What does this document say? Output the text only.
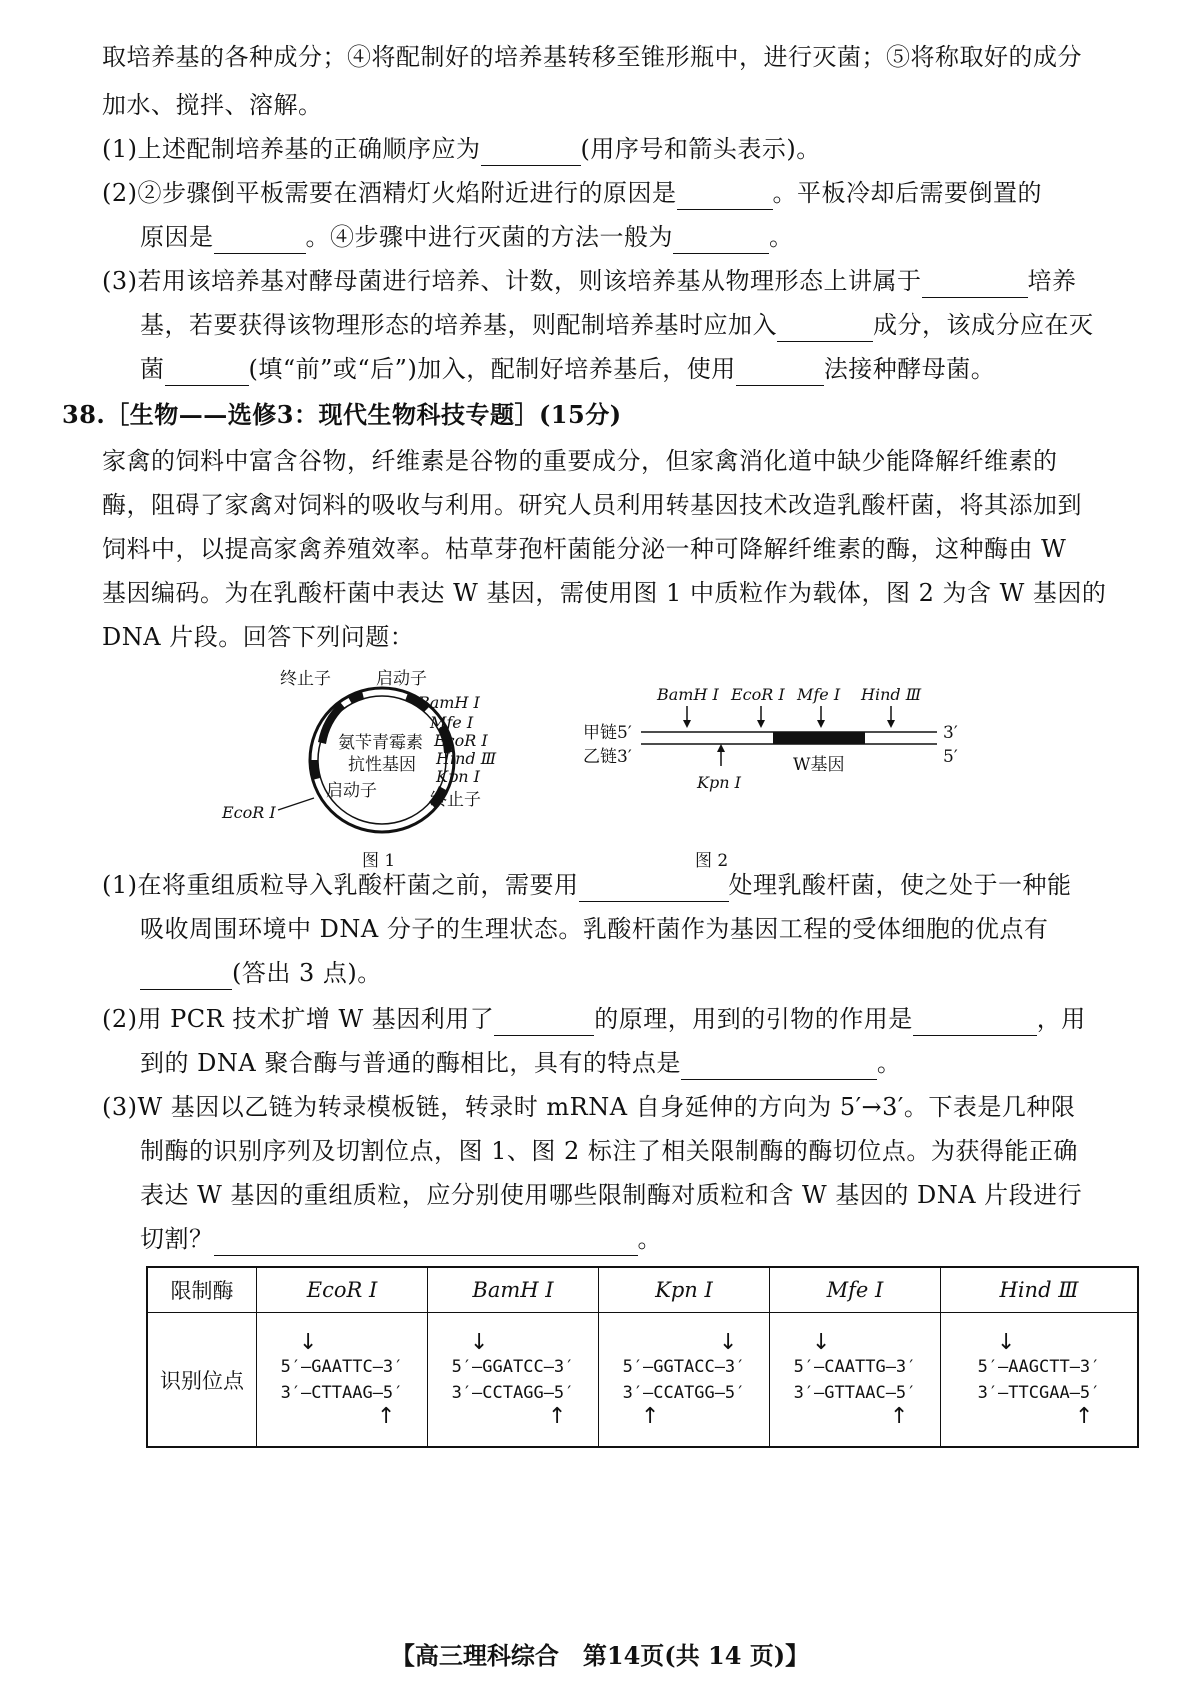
取培养基的各种成分；④将配制好的培养基转移至锥形瓶中，进行灭菌；⑤将称取好的成分
加水、搅拌、溶解。
(1)上述配制培养基的正确顺序应为	(用序号和箭头表示)。
(2)②步骤倒平板需要在酒精灯火焰附近进行的原因是	。平板冷却后需要倒置的
原因是	。④步骤中进行灭菌的方法一般为	。
(3)若用该培养基对酵母菌进行培养、计数，则该培养基从物理形态上讲属于	培养
基，若要获得该物理形态的培养基，则配制培养基时应加入	成分，该成分应在灭
菌	(填“前”或“后”)加入，配制好培养基后，使用	法接种酵母菌。
38.［生物——选修3：现代生物科技专题］(15分)
家禽的饲料中富含谷物，纤维素是谷物的重要成分，但家禽消化道中缺少能降解纤维素的
酶，阻碍了家禽对饲料的吸收与利用。研究人员利用转基因技术改造乳酸杆菌，将其添加到
饲料中，以提高家禽养殖效率。枯草芽孢杆菌能分泌一种可降解纤维素的酶，这种酶由 W
基因编码。为在乳酸杆菌中表达 W 基因，需使用图 1 中质粒作为载体，图 2 为含 W 基因的
DNA 片段。回答下列问题：
终止子	启动子
BamH Ⅰ
Mfe Ⅰ
EcoR Ⅰ
Hind Ⅲ
Kpn Ⅰ
终止子
氨苄青霉素
抗性基因
启动子
EcoR Ⅰ
图 1
BamH Ⅰ EcoR Ⅰ Mfe Ⅰ Hind Ⅲ
甲链5′
乙链3′
3′
5′
W基因
Kpn Ⅰ
图 2
(1)在将重组质粒导入乳酸杆菌之前，需要用	处理乳酸杆菌，使之处于一种能
吸收周围环境中 DNA 分子的生理状态。乳酸杆菌作为基因工程的受体细胞的优点有
(答出 3 点)。
(2)用 PCR 技术扩增 W 基因利用了	的原理，用到的引物的作用是	，用
到的 DNA 聚合酶与普通的酶相比，具有的特点是	。
(3)W 基因以乙链为转录模板链，转录时 mRNA 自身延伸的方向为 5′→3′。下表是几种限
制酶的识别序列及切割位点，图 1、图 2 标注了相关限制酶的酶切位点。为获得能正确
表达 W 基因的重组质粒，应分别使用哪些限制酶对质粒和含 W 基因的 DNA 片段进行
切割？	。
限制酶	EcoR Ⅰ	BamH Ⅰ	Kpn Ⅰ	Mfe Ⅰ	Hind Ⅲ
识别位点	↓
5′—GAATTC—3′
3′—CTTAAG—5′
↑	↓
5′—GGATCC—3′
3′—CCTAGG—5′
↑	↓
5′—GGTACC—3′
3′—CCATGG—5′
↑	↓
5′—CAATTG—3′
3′—GTTAAC—5′
↑	↓
5′—AAGCTT—3′
3′—TTCGAA—5′
↑
【高三理科综合　第14页(共 14 页)】
